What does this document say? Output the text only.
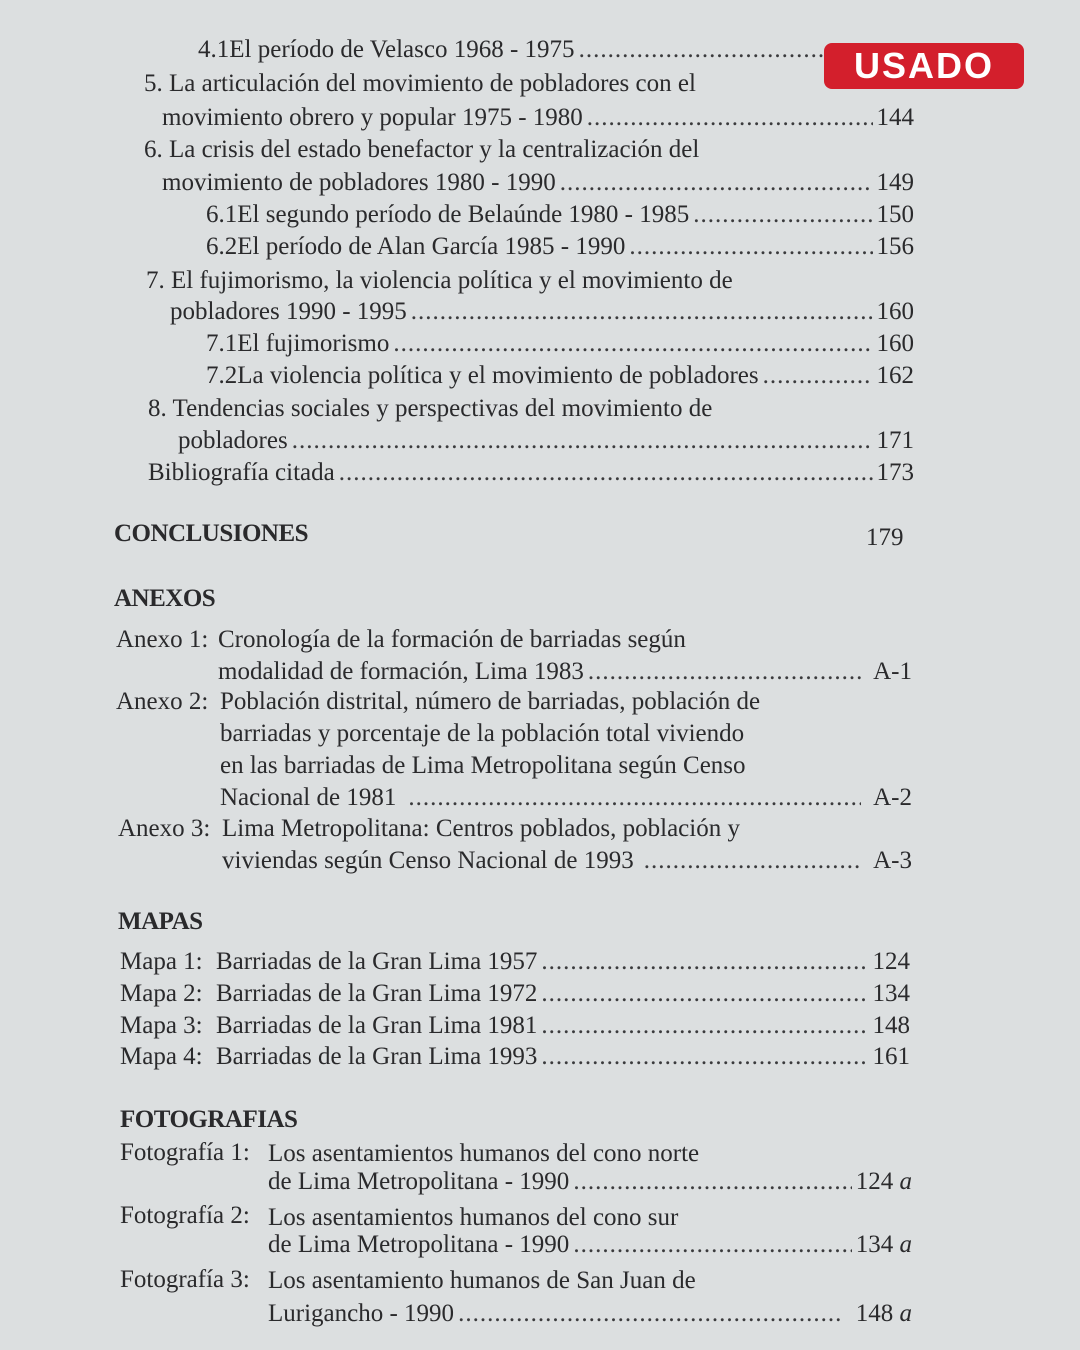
USADO
4.1 El período de Velasco 1968 - 1975
.....
5. La articulación del movimiento de pobladores con el
movimiento obrero y popular 1975 - 1980 .....	144
6. La crisis del estado benefactor y la centralización del
movimiento de pobladores 1980 - 1990 .....	149
6.1 El segundo período de Belaúnde 1980 - 1985 .....	150
6.2 El período de Alan García 1985 - 1990 .....	156
7. El fujimorismo, la violencia política y el movimiento de
pobladores 1990 - 1995 .....	160
7.1 El fujimorismo .....	160
7.2 La violencia política y el movimiento de pobladores .....	162
8. Tendencias sociales y perspectivas del movimiento de
pobladores .....	171
Bibliografía citada .....	173
CONCLUSIONES	179
ANEXOS
Anexo 1: Cronología de la formación de barriadas según
modalidad de formación, Lima 1983 .....	A-1
Anexo 2: Población distrital, número de barriadas, población de
barriadas y porcentaje de la población total viviendo
en las barriadas de Lima Metropolitana según Censo
Nacional de 1981 .....	A-2
Anexo 3: Lima Metropolitana: Centros poblados, población y
viviendas según Censo Nacional de 1993 .....	A-3
MAPAS
Mapa 1: Barriadas de la Gran Lima 1957 .....	124
Mapa 2: Barriadas de la Gran Lima 1972 .....	134
Mapa 3: Barriadas de la Gran Lima 1981 .....	148
Mapa 4: Barriadas de la Gran Lima 1993 .....	161
FOTOGRAFIAS
Fotografía 1: Los asentamientos humanos del cono norte
de Lima Metropolitana - 1990 .....	124 a
Fotografía 2: Los asentamientos humanos del cono sur
de Lima Metropolitana - 1990 .....	134 a
Fotografía 3: Los asentamiento humanos de San Juan de
Lurigancho - 1990 .....	148 a
